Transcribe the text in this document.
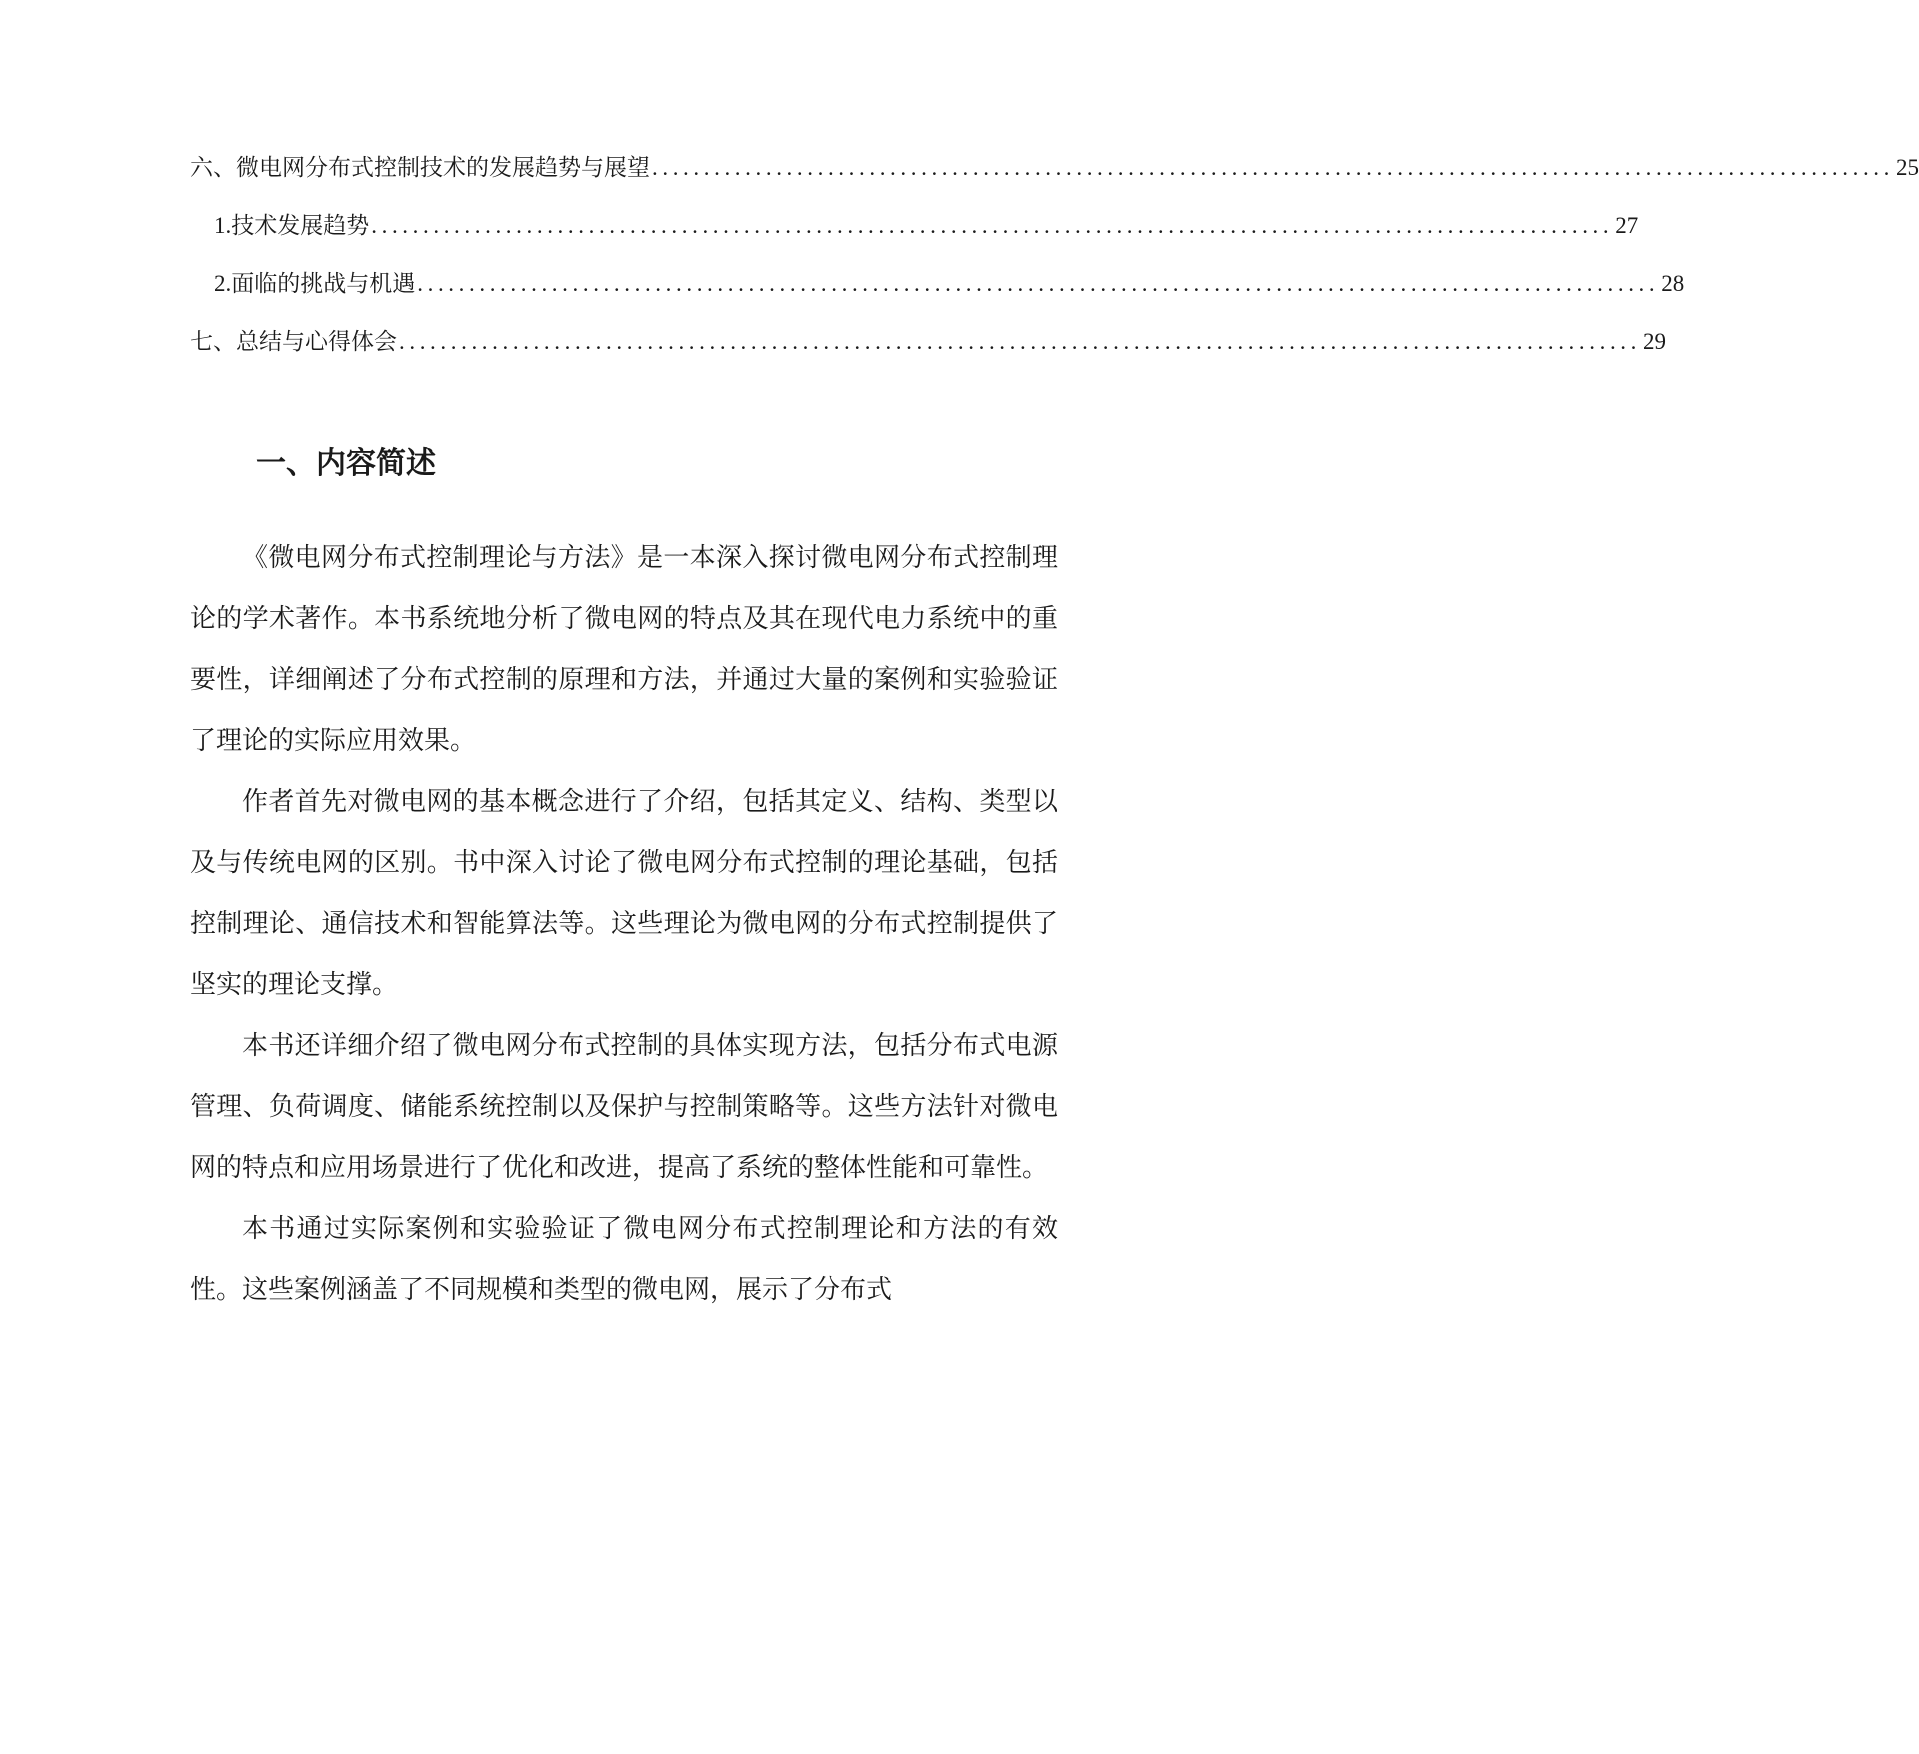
六、微电网分布式控制技术的发展趋势与展望 .....	25
1. 技术发展趋势 .....	27
2. 面临的挑战与机遇 .....	28
七、总结与心得体会 .....	29
一、内容简述

《微电网分布式控制理论与方法》是一本深入探讨微电网分布式控制理论的学术著作。本书系统地分析了微电网的特点及其在现代电力系统中的重要性，详细阐述了分布式控制的原理和方法，并通过大量的案例和实验验证了理论的实际应用效果。

作者首先对微电网的基本概念进行了介绍，包括其定义、结构、类型以及与传统电网的区别。书中深入讨论了微电网分布式控制的理论基础，包括控制理论、通信技术和智能算法等。这些理论为微电网的分布式控制提供了坚实的理论支撑。

本书还详细介绍了微电网分布式控制的具体实现方法，包括分布式电源管理、负荷调度、储能系统控制以及保护与控制策略等。这些方法针对微电网的特点和应用场景进行了优化和改进，提高了系统的整体性能和可靠性。

本书通过实际案例和实验验证了微电网分布式控制理论和方法的有效性。这些案例涵盖了不同规模和类型的微电网，展示了分布式
